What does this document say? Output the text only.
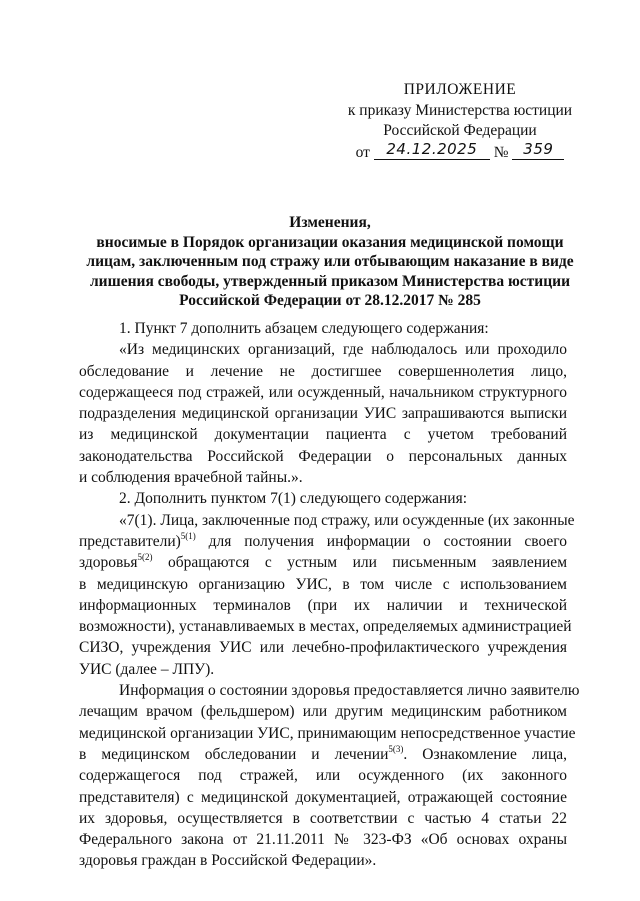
ПРИЛОЖЕНИЕ
к приказу Министерства юстиции
Российской Федерации
от 24.12.2025 № 359
Изменения,
вносимые в Порядок организации оказания медицинской помощи
лицам, заключенным под стражу или отбывающим наказание в виде
лишения свободы, утвержденный приказом Министерства юстиции
Российской Федерации от 28.12.2017 № 285
1. Пункт 7 дополнить абзацем следующего содержания:
«Из медицинских организаций, где наблюдалось или проходило
обследование и лечение не достигшее совершеннолетия лицо,
содержащееся под стражей, или осужденный, начальником структурного
подразделения медицинской организации УИС запрашиваются выписки
из медицинской документации пациента с учетом требований
законодательства Российской Федерации о персональных данных
и соблюдения врачебной тайны.».
2. Дополнить пунктом 7(1) следующего содержания:
«7(1). Лица, заключенные под стражу, или осужденные (их законные
представители)$^{5(1)}$ для получения информации о состоянии своего
здоровья$^{5(2)}$ обращаются с устным или письменным заявлением
в медицинскую организацию УИС, в том числе с использованием
информационных терминалов (при их наличии и технической
возможности), устанавливаемых в местах, определяемых администрацией
СИЗО, учреждения УИС или лечебно-профилактического учреждения
УИС (далее – ЛПУ).
Информация о состоянии здоровья предоставляется лично заявителю
лечащим врачом (фельдшером) или другим медицинским работником
медицинской организации УИС, принимающим непосредственное участие
в медицинском обследовании и лечении$^{5(3)}$. Ознакомление лица,
содержащегося под стражей, или осужденного (их законного
представителя) с медицинской документацией, отражающей состояние
их здоровья, осуществляется в соответствии с частью 4 статьи 22
Федерального закона от 21.11.2011 № 323-ФЗ «Об основах охраны
здоровья граждан в Российской Федерации».
